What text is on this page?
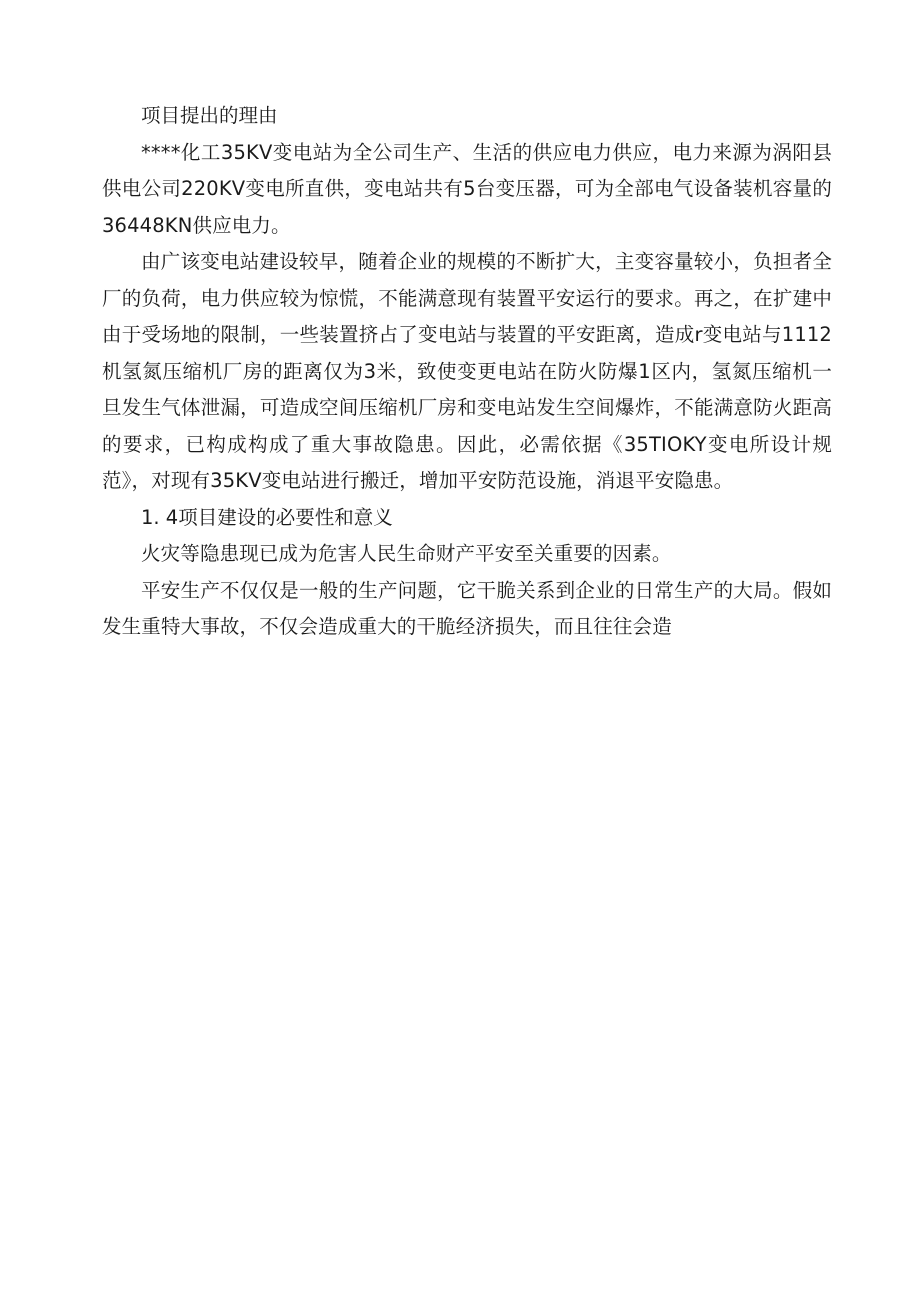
项目提出的理由

****化工35KV变电站为全公司生产、生活的供应电力供应，电力来源为涡阳县供电公司220KV变电所直供，变电站共有5台变压器，可为全部电气设备装机容量的36448KN供应电力。

由广该变电站建设较早，随着企业的规模的不断扩大，主变容量较小，负担者全厂的负荷，电力供应较为惊慌，不能满意现有装置平安运行的要求。再之，在扩建中由于受场地的限制，一些装置挤占了变电站与装置的平安距离，造成r变电站与1112机氢氮压缩机厂房的距离仅为3米，致使变更电站在防火防爆1区内，氢氮压缩机一旦发生气体泄漏，可造成空间压缩机厂房和变电站发生空间爆炸，不能满意防火距高的要求，已构成构成了重大事故隐患。因此，必需依据《35TIOKY变电所设计规范》，对现有35KV变电站进行搬迁，增加平安防范设施，消退平安隐患。

1. 4项目建设的必要性和意义

火灾等隐患现已成为危害人民生命财产平安至关重要的因素。

平安生产不仅仅是一般的生产问题，它干脆关系到企业的日常生产的大局。假如发生重特大事故，不仅会造成重大的干脆经济损失，而且往往会造
